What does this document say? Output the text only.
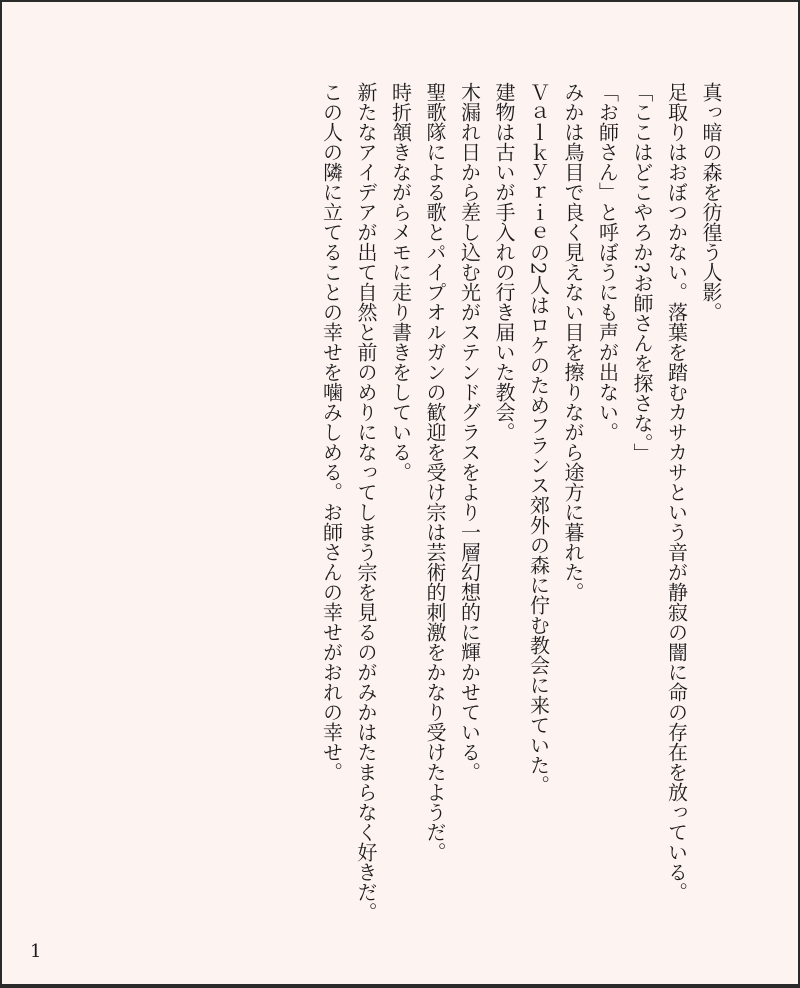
真っ暗の森を彷徨う人影。

足取りはおぼつかない。落葉を踏むカサカサという音が静寂の闇に命の存在を放っている。

「ここはどこやろか?お師さんを探さな。」

「お師さん」と呼ぼうにも声が出ない。

みかは鳥目で良く見えない目を擦りながら途方に暮れた。

Ｖａｌｋｙｒｉｅの2人はロケのためフランス郊外の森に佇む教会に来ていた。

建物は古いが手入れの行き届いた教会。

木漏れ日から差し込む光がステンドグラスをより一層幻想的に輝かせている。

聖歌隊による歌とパイプオルガンの歓迎を受け宗は芸術的刺激をかなり受けたようだ。

時折頷きながらメモに走り書きをしている。

新たなアイデアが出て自然と前のめりになってしまう宗を見るのがみかはたまらなく好きだ。

この人の隣に立てることの幸せを噛みしめる。お師さんの幸せがおれの幸せ。

1
